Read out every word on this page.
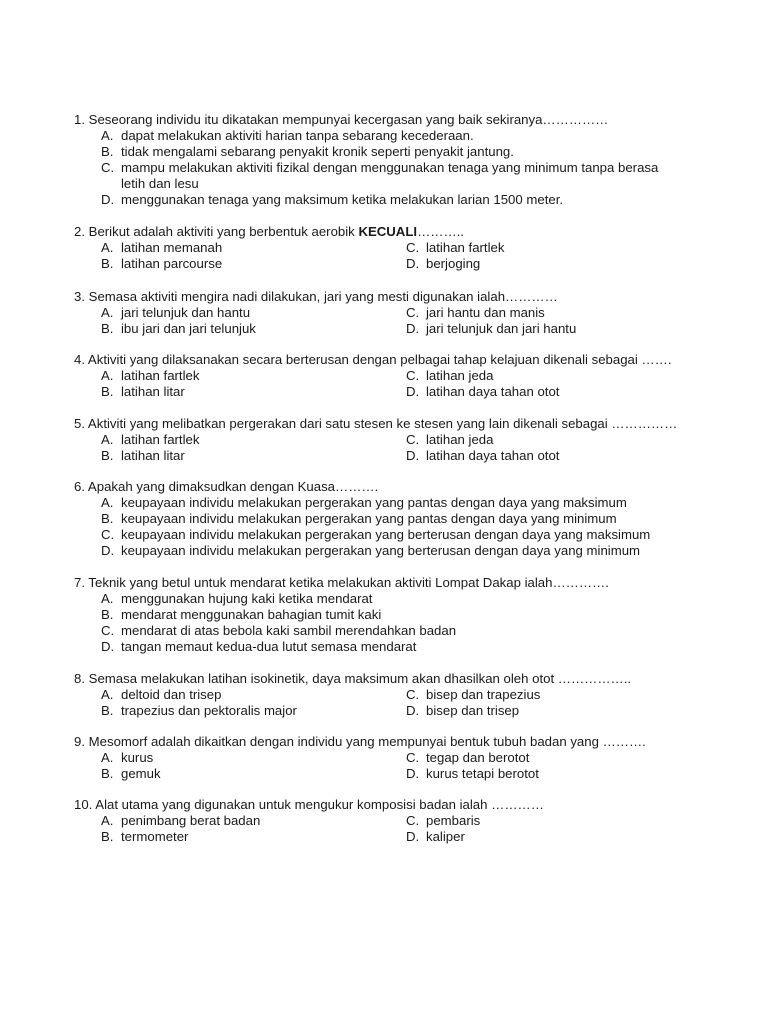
1. Seseorang individu itu dikatakan mempunyai kecergasan yang baik sekiranya……………
A. dapat melakukan aktiviti harian tanpa sebarang kecederaan.
B. tidak mengalami sebarang penyakit kronik seperti penyakit jantung.
C. mampu melakukan aktiviti fizikal dengan menggunakan tenaga yang minimum tanpa berasa
letih dan lesu
D. menggunakan tenaga yang maksimum ketika melakukan larian 1500 meter.
2. Berikut adalah aktiviti yang berbentuk aerobik KECUALI………..
A. latihan memanah	C. latihan fartlek
B. latihan parcourse	D. berjoging
3. Semasa aktiviti mengira nadi dilakukan, jari yang mesti digunakan ialah…………
A. jari telunjuk dan hantu	C. jari hantu dan manis
B. ibu jari dan jari telunjuk	D. jari telunjuk dan jari hantu
4. Aktiviti yang dilaksanakan secara berterusan dengan pelbagai tahap kelajuan dikenali sebagai …….
A. latihan fartlek	C. latihan jeda
B. latihan litar	D. latihan daya tahan otot
5. Aktiviti yang melibatkan pergerakan dari satu stesen ke stesen yang lain dikenali sebagai ……………
A. latihan fartlek	C. latihan jeda
B. latihan litar	D. latihan daya tahan otot
6. Apakah yang dimaksudkan dengan Kuasa……….
A. keupayaan individu melakukan pergerakan yang pantas dengan daya yang maksimum
B. keupayaan individu melakukan pergerakan yang pantas dengan daya yang minimum
C. keupayaan individu melakukan pergerakan yang berterusan dengan daya yang maksimum
D. keupayaan individu melakukan pergerakan yang berterusan dengan daya yang minimum
7. Teknik yang betul untuk mendarat ketika melakukan aktiviti Lompat Dakap ialah………….
A. menggunakan hujung kaki ketika mendarat
B. mendarat menggunakan bahagian tumit kaki
C. mendarat di atas bebola kaki sambil merendahkan badan
D. tangan memaut kedua-dua lutut semasa mendarat
8. Semasa melakukan latihan isokinetik, daya maksimum akan dhasilkan oleh otot ……………..
A. deltoid dan trisep	C. bisep dan trapezius
B. trapezius dan pektoralis major	D. bisep dan trisep
9. Mesomorf adalah dikaitkan dengan individu yang mempunyai bentuk tubuh badan yang ……….
A. kurus	C. tegap dan berotot
B. gemuk	D. kurus tetapi berotot
10. Alat utama yang digunakan untuk mengukur komposisi badan ialah …………
A. penimbang berat badan	C. pembaris
B. termometer	D. kaliper
